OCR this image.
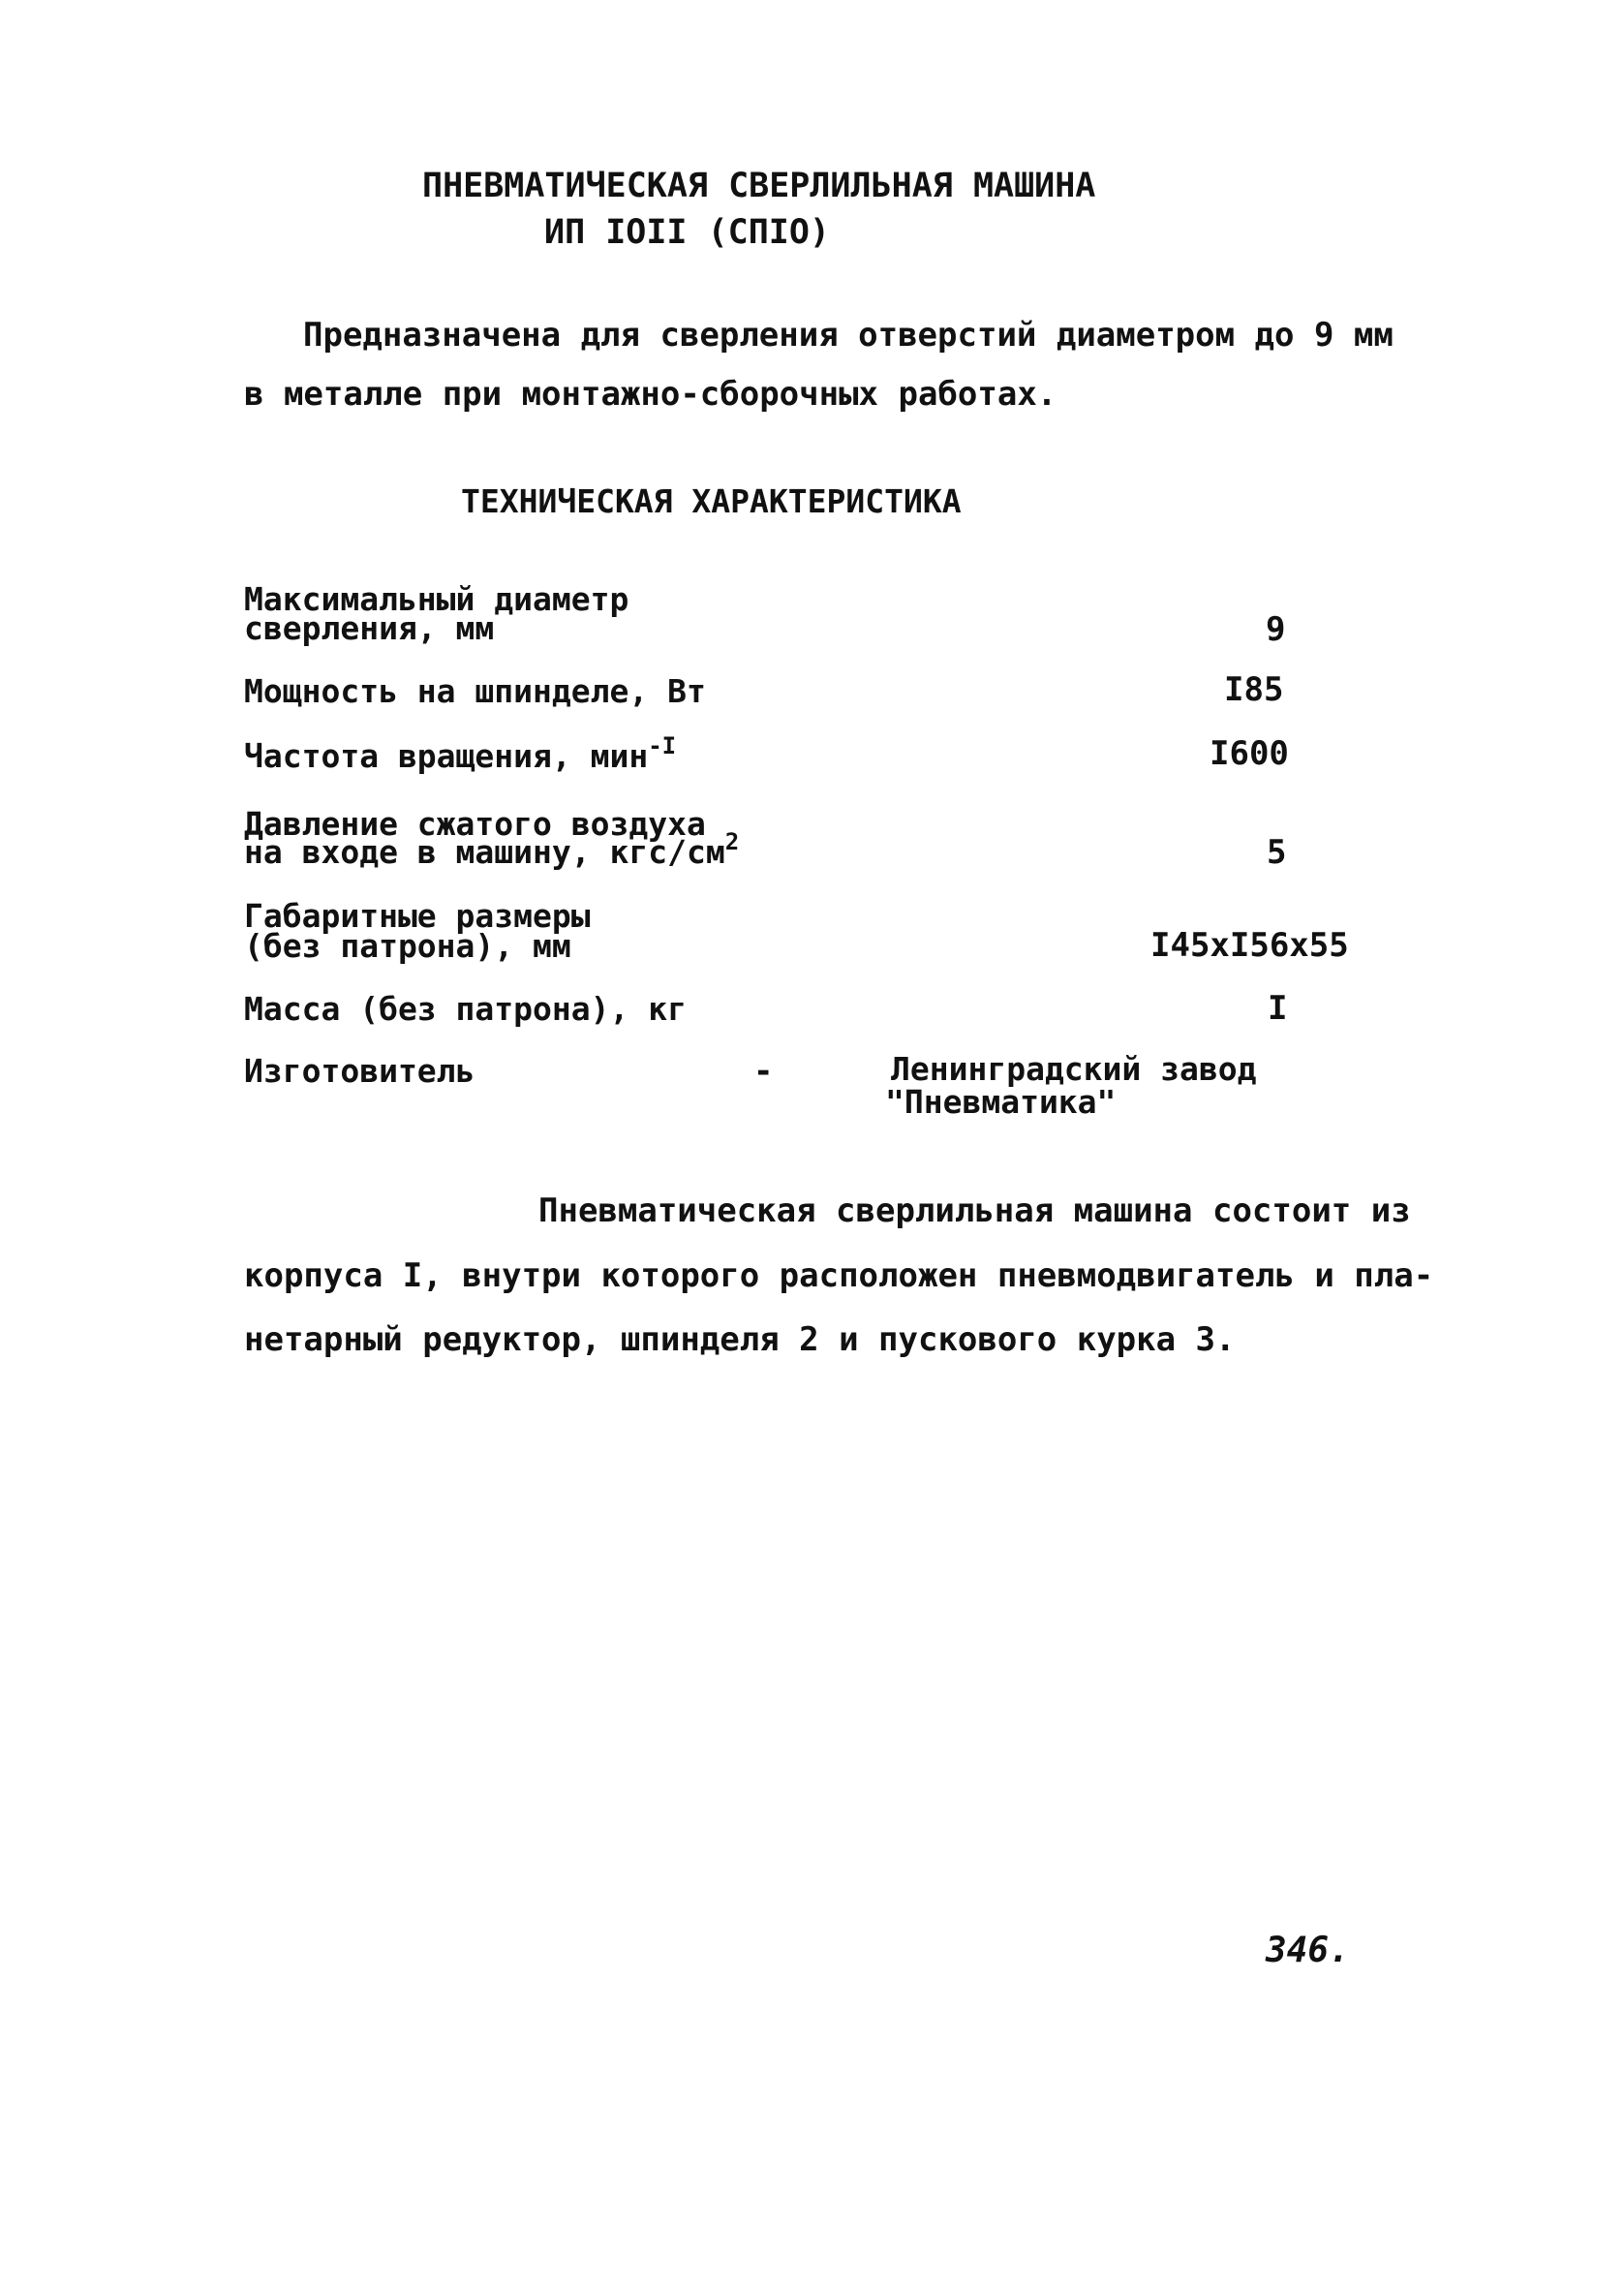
ПНЕВМАТИЧЕСКАЯ СВЕРЛИЛЬНАЯ МАШИНА
ИП IOII (СПIO)
Предназначена для сверления отверстий диаметром до 9 мм
в металле при монтажно-сборочных работах.
ТЕХНИЧЕСКАЯ ХАРАКТЕРИСТИКА
Максимальный диаметр
сверления, мм	9
Мощность на шпинделе, Вт	I85
Частота вращения, мин$^{-I}$	I600
Давление сжатого воздуха
на входе в машину, кгс/$см^2$	5
Габаритные размеры
(без патрона), мм	I45xI56x55
Масса (без патрона), кг	I
Изготовитель	-	Ленинградский завод
"Пневматика"
Пневматическая сверлильная машина состоит из
корпуса I, внутри которого расположен пневмодвигатель и пла-
нетарный редуктор, шпинделя 2 и пускового курка 3.
346.
